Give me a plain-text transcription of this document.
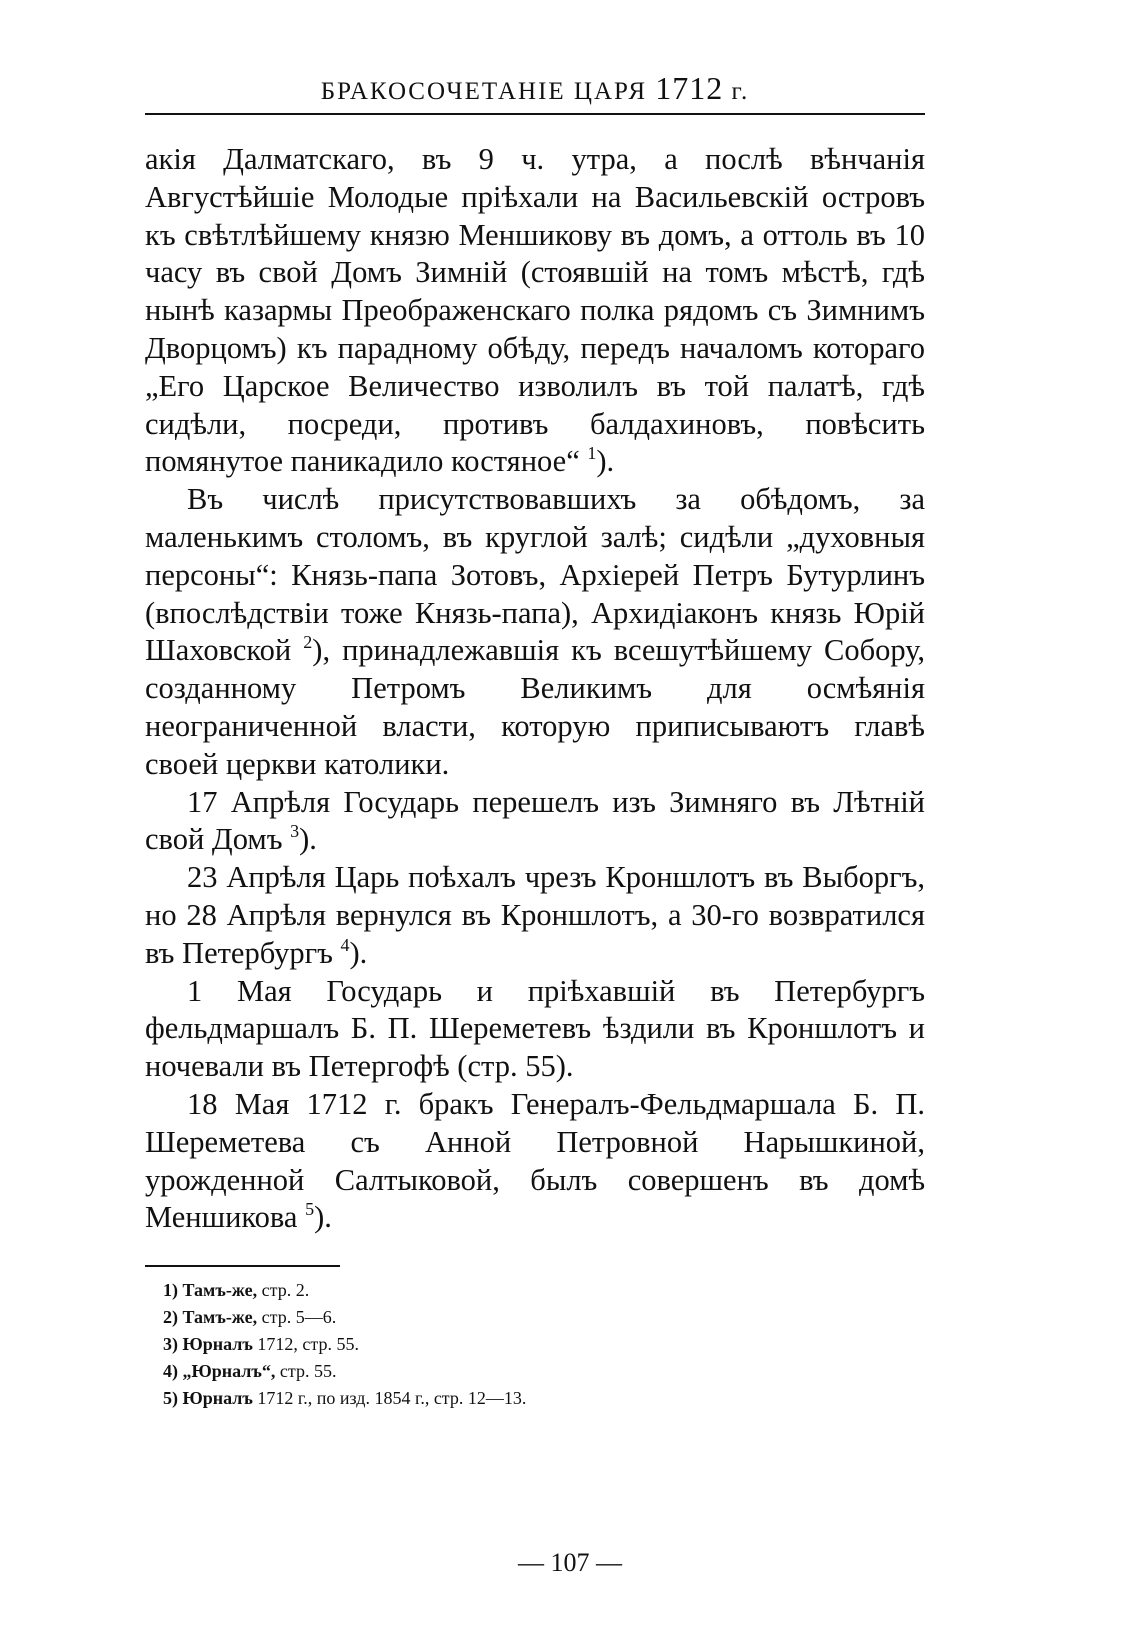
БРАКОСОЧЕТАНІЕ ЦАРЯ 1712 г.

акія Далматскаго, въ 9 ч. утра, а послѣ вѣнчанія Августѣйшіе Молодые пріѣхали на Васильевскій островъ къ свѣтлѣйшему князю Меншикову въ домъ, а оттоль въ 10 часу въ свой Домъ Зимній (стоявшій на томъ мѣстѣ, гдѣ нынѣ казармы Преображенскаго полка рядомъ съ Зимнимъ Дворцомъ) къ парадному обѣду, передъ началомъ котораго „Его Царское Величество изволилъ въ той палатѣ, гдѣ сидѣли, посреди, противъ балдахиновъ, повѣсить помянутое паникадило костяное“ $^1$).

Въ числѣ присутствовавшихъ за обѣдомъ, за маленькимъ столомъ, въ круглой залѣ; сидѣли „духовныя персоны“: Князь-папа Зотовъ, Архіерей Петръ Бутурлинъ (впослѣдствіи тоже Князь-папа), Архидіаконъ князь Юрій Шаховской $^2$), принадлежавшія къ всешутѣйшему Собору, созданному Петромъ Великимъ для осмѣянія неограниченной власти, которую приписываютъ главѣ своей церкви католики.

17 Апрѣля Государь перешелъ изъ Зимняго въ Лѣтній свой Домъ $^3$).

23 Апрѣля Царь поѣхалъ чрезъ Кроншлотъ въ Выборгъ, но 28 Апрѣля вернулся въ Кроншлотъ, а 30-го возвратился въ Петербургъ $^4$).

1 Мая Государь и пріѣхавшій въ Петербургъ фельдмаршалъ Б. П. Шереметевъ ѣздили въ Кроншлотъ и ночевали въ Петергофѣ (стр. 55).

18 Мая 1712 г. бракъ Генералъ-Фельдмаршала Б. П. Шереметева съ Анной Петровной Нарышкиной, урожденной Салтыковой, былъ совершенъ въ домѣ Меншикова $^5$).

1) Тамъ-же, стр. 2.
2) Тамъ-же, стр. 5—6.
3) Юрналъ 1712, стр. 55.
4) „Юрналъ“, стр. 55.
5) Юрналъ 1712 г., по изд. 1854 г., стр. 12—13.
— 107 —
